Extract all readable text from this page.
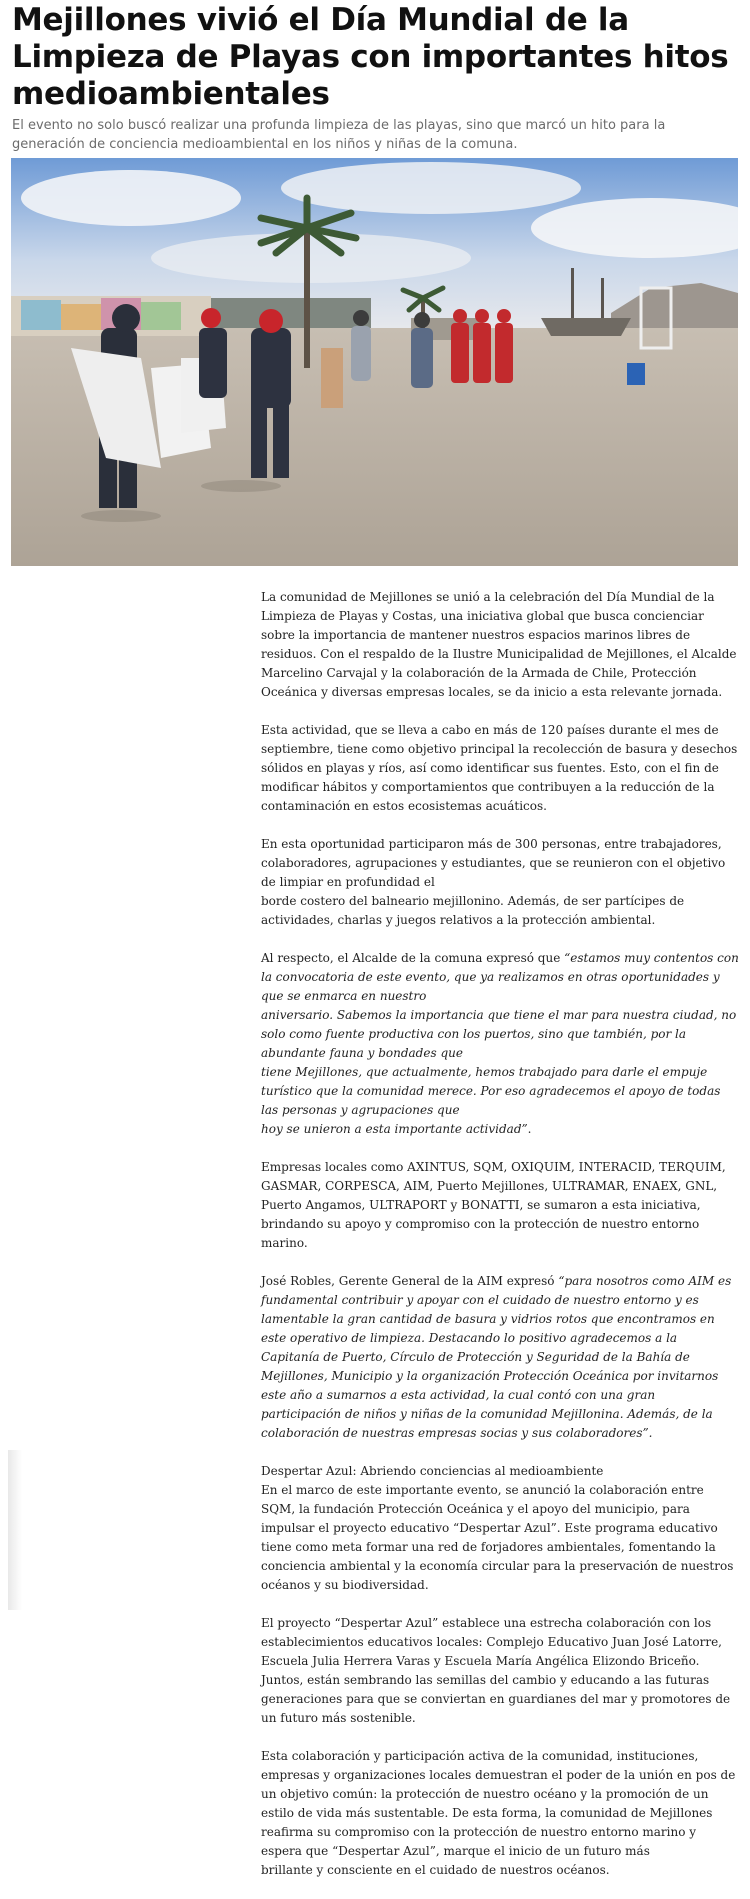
Mejillones vivió el Día Mundial de la Limpieza de Playas con importantes hitos medioambientales
El evento no solo buscó realizar una profunda limpieza de las playas, sino que marcó un hito para la generación de conciencia medioambiental en los niños y niñas de la comuna.

La comunidad de Mejillones se unió a la celebración del Día Mundial de la Limpieza de Playas y Costas, una iniciativa global que busca concienciar sobre la importancia de mantener nuestros espacios marinos libres de residuos. Con el respaldo de la Ilustre Municipalidad de Mejillones, el Alcalde Marcelino Carvajal y la colaboración de la Armada de Chile, Protección Oceánica y diversas empresas locales, se da inicio a esta relevante jornada.

Esta actividad, que se lleva a cabo en más de 120 países durante el mes de septiembre, tiene como objetivo principal la recolección de basura y desechos sólidos en playas y ríos, así como identificar sus fuentes. Esto, con el fin de modificar hábitos y comportamientos que contribuyen a la reducción de la contaminación en estos ecosistemas acuáticos.

En esta oportunidad participaron más de 300 personas, entre trabajadores, colaboradores, agrupaciones y estudiantes, que se reunieron con el objetivo de limpiar en profundidad el
borde costero del balneario mejillonino. Además, de ser partícipes de actividades, charlas y juegos relativos a la protección ambiental.

Al respecto, el Alcalde de la comuna expresó que “estamos muy contentos con la convocatoria de este evento, que ya realizamos en otras oportunidades y que se enmarca en nuestro
aniversario. Sabemos la importancia que tiene el mar para nuestra ciudad, no solo como fuente productiva con los puertos, sino que también, por la abundante fauna y bondades que
tiene Mejillones, que actualmente, hemos trabajado para darle el empuje turístico que la comunidad merece. Por eso agradecemos el apoyo de todas las personas y agrupaciones que
hoy se unieron a esta importante actividad”.

Empresas locales como AXINTUS, SQM, OXIQUIM, INTERACID, TERQUIM, GASMAR, CORPESCA, AIM, Puerto Mejillones, ULTRAMAR, ENAEX, GNL, Puerto Angamos, ULTRAPORT y BONATTI, se sumaron a esta iniciativa, brindando su apoyo y compromiso con la protección de nuestro entorno marino.

José Robles, Gerente General de la AIM expresó “para nosotros como AIM es fundamental contribuir y apoyar con el cuidado de nuestro entorno y es lamentable la gran cantidad de basura y vidrios rotos que encontramos en este operativo de limpieza. Destacando lo positivo agradecemos a la Capitanía de Puerto, Círculo de Protección y Seguridad de la Bahía de Mejillones, Municipio y la organización Protección Oceánica por invitarnos este año a sumarnos a esta actividad, la cual contó con una gran participación de niños y niñas de la comunidad Mejillonina. Además, de la colaboración de nuestras empresas socias y sus colaboradores”.

Despertar Azul: Abriendo conciencias al medioambiente
En el marco de este importante evento, se anunció la colaboración entre SQM, la fundación Protección Oceánica y el apoyo del municipio, para impulsar el proyecto educativo “Despertar Azul”. Este programa educativo tiene como meta formar una red de forjadores ambientales, fomentando la conciencia ambiental y la economía circular para la preservación de nuestros océanos y su biodiversidad.

El proyecto “Despertar Azul” establece una estrecha colaboración con los establecimientos educativos locales: Complejo Educativo Juan José Latorre, Escuela Julia Herrera Varas y Escuela María Angélica Elizondo Briceño. Juntos, están sembrando las semillas del cambio y educando a las futuras generaciones para que se conviertan en guardianes del mar y promotores de un futuro más sostenible.

Esta colaboración y participación activa de la comunidad, instituciones, empresas y organizaciones locales demuestran el poder de la unión en pos de un objetivo común: la protección de nuestro océano y la promoción de un estilo de vida más sustentable. De esta forma, la comunidad de Mejillones reafirma su compromiso con la protección de nuestro entorno marino y espera que “Despertar Azul”, marque el inicio de un futuro más
brillante y consciente en el cuidado de nuestros océanos.
